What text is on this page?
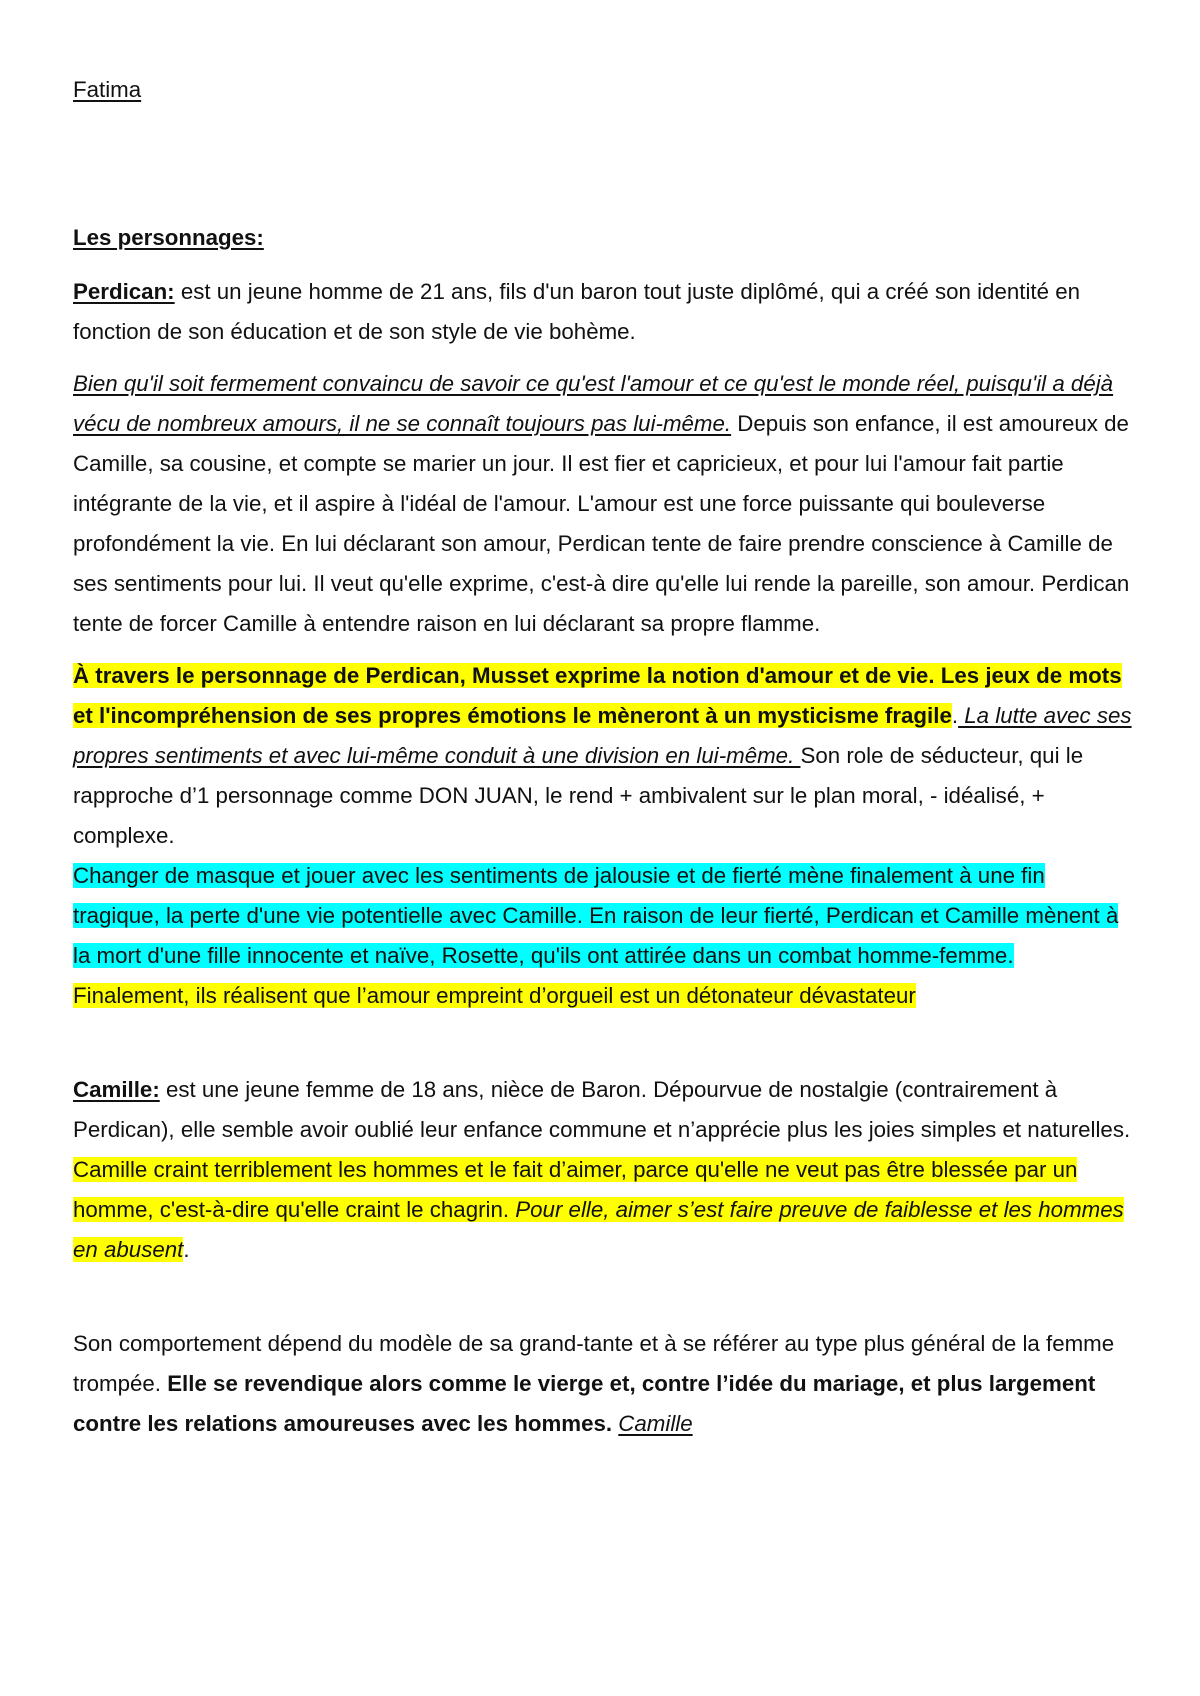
Fatima

Les personnages:

Perdican: est un jeune homme de 21 ans, fils d'un baron tout juste diplômé, qui a créé son identité en fonction de son éducation et de son style de vie bohème.

Bien qu'il soit fermement convaincu de savoir ce qu'est l'amour et ce qu'est le monde réel, puisqu'il a déjà vécu de nombreux amours, il ne se connaît toujours pas lui-même. Depuis son enfance, il est amoureux de Camille, sa cousine, et compte se marier un jour. Il est fier et capricieux, et pour lui l'amour fait partie intégrante de la vie, et il aspire à l'idéal de l'amour. L'amour est une force puissante qui bouleverse profondément la vie. En lui déclarant son amour, Perdican tente de faire prendre conscience à Camille de ses sentiments pour lui. Il veut qu'elle exprime, c'est-à dire qu'elle lui rende la pareille, son amour. Perdican tente de forcer Camille à entendre raison en lui déclarant sa propre flamme.

À travers le personnage de Perdican, Musset exprime la notion d'amour et de vie. Les jeux de mots et l'incompréhension de ses propres émotions le mèneront à un mysticisme fragile. La lutte avec ses propres sentiments et avec lui-même conduit à une division en lui-même. Son role de séducteur, qui le rapproche d’1 personnage comme DON JUAN, le rend + ambivalent sur le plan moral, - idéalisé, + complexe.
Changer de masque et jouer avec les sentiments de jalousie et de fierté mène finalement à une fin tragique, la perte d'une vie potentielle avec Camille. En raison de leur fierté, Perdican et Camille mènent à la mort d'une fille innocente et naïve, Rosette, qu'ils ont attirée dans un combat homme-femme. Finalement, ils réalisent que l’amour empreint d’orgueil est un détonateur dévastateur

Camille: est une jeune femme de 18 ans, nièce de Baron. Dépourvue de nostalgie (contrairement à Perdican), elle semble avoir oublié leur enfance commune et n’apprécie plus les joies simples et naturelles.
Camille craint terriblement les hommes et le fait d’aimer, parce qu'elle ne veut pas être blessée par un homme, c'est-à-dire qu'elle craint le chagrin. Pour elle, aimer s’est faire preuve de faiblesse et les hommes en abusent.

Son comportement dépend du modèle de sa grand-tante et à se référer au type plus général de la femme trompée. Elle se revendique alors comme le vierge et, contre l’idée du mariage, et plus largement contre les relations amoureuses avec les hommes. Camille
